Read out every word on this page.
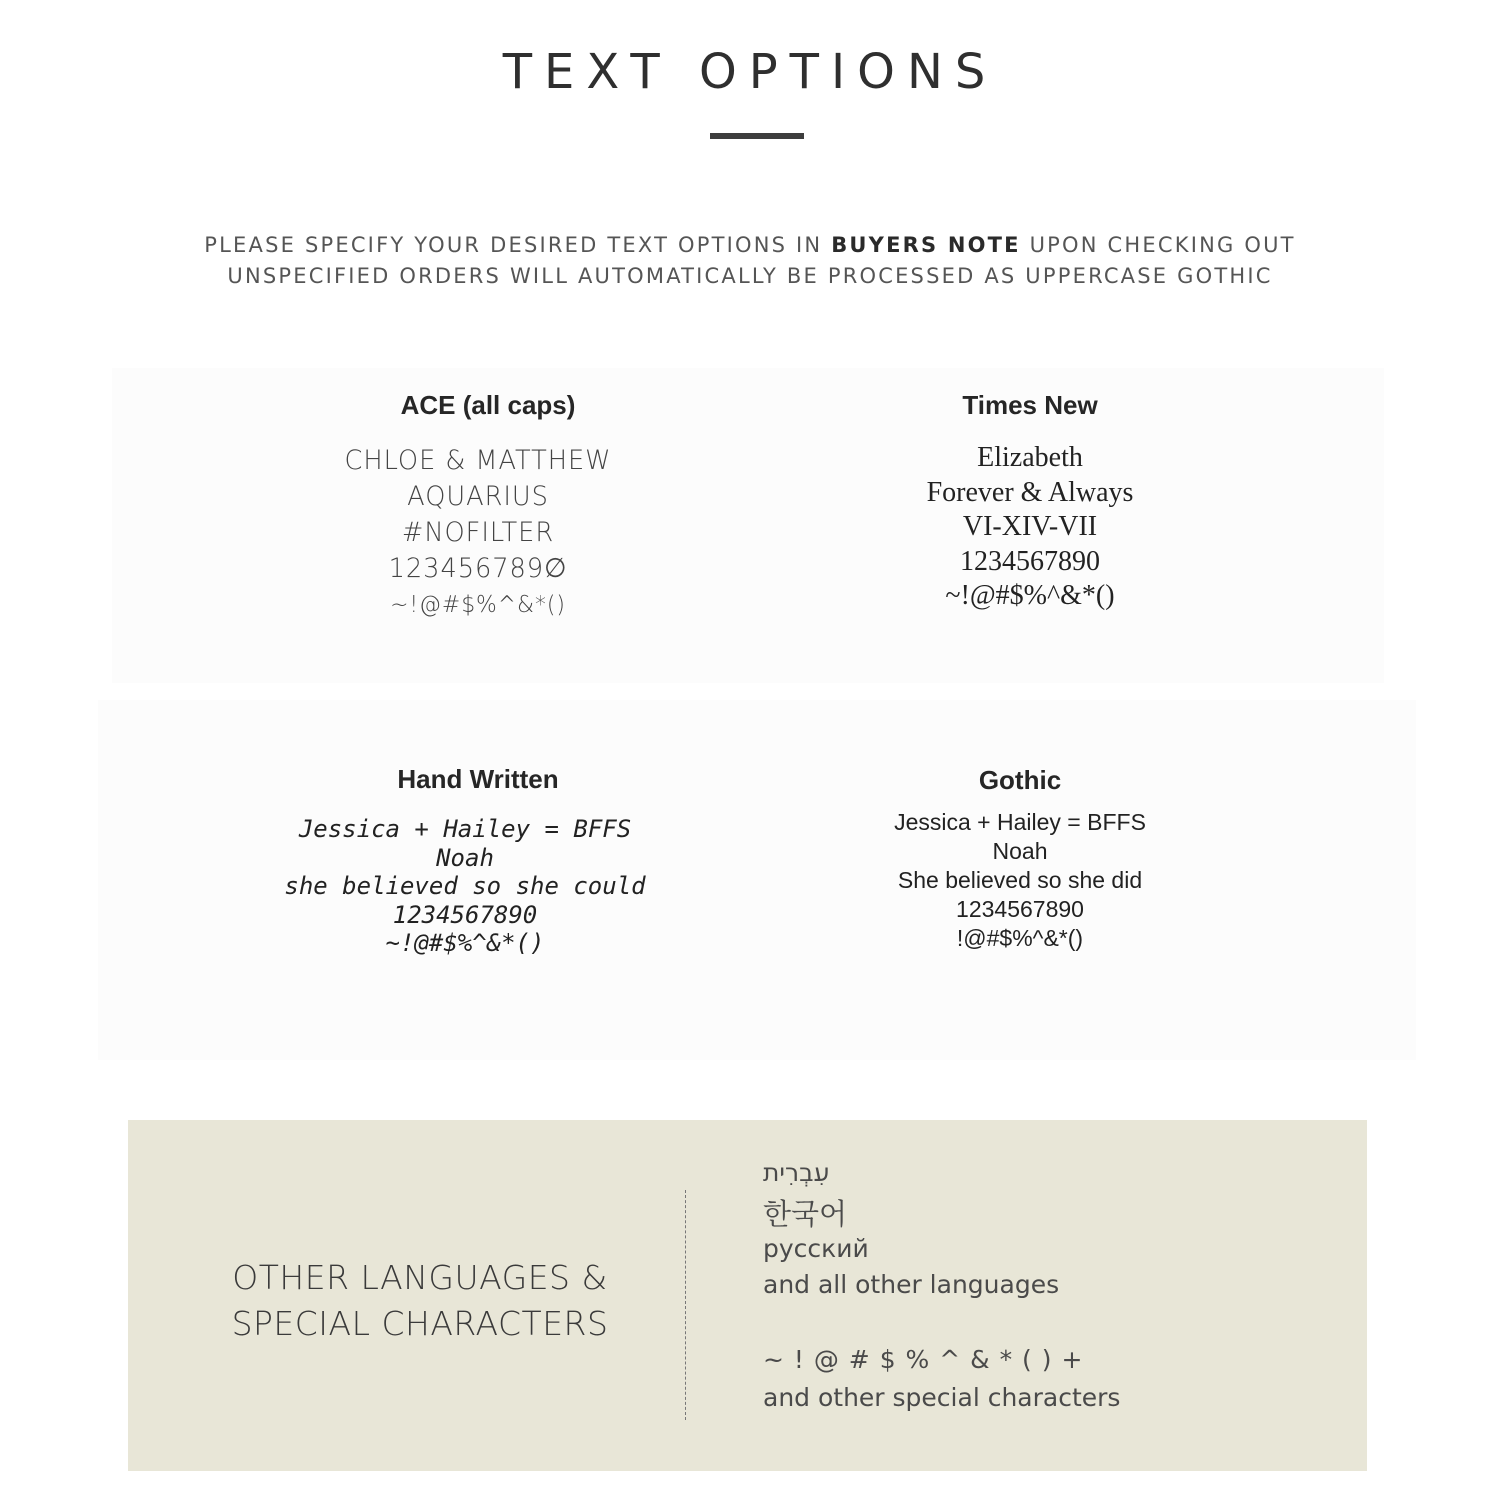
TEXT OPTIONS
PLEASE SPECIFY YOUR DESIRED TEXT OPTIONS IN BUYERS NOTE UPON CHECKING OUT
UNSPECIFIED ORDERS WILL AUTOMATICALLY BE PROCESSED AS UPPERCASE GOTHIC
ACE (all caps)
CHLOE & MATTHEW
AQUARIUS
#NOFILTER
123456789∅
~!@#$%^&*()
Times New
Elizabeth
Forever & Always
VI-XIV-VII
1234567890
~!@#$%^&*()
Hand Written
Jessica + Hailey = BFFS
Noah
she believed so she could
1234567890
~!@#$%^&*()
Gothic
Jessica + Hailey = BFFS
Noah
She believed so she did
1234567890
!@#$%^&*()
OTHER LANGUAGES &
SPECIAL CHARACTERS
עִבְרִית
한국어
русский
and all other languages
~ ! @ # $ % ^ & * ( ) +
and other special characters
